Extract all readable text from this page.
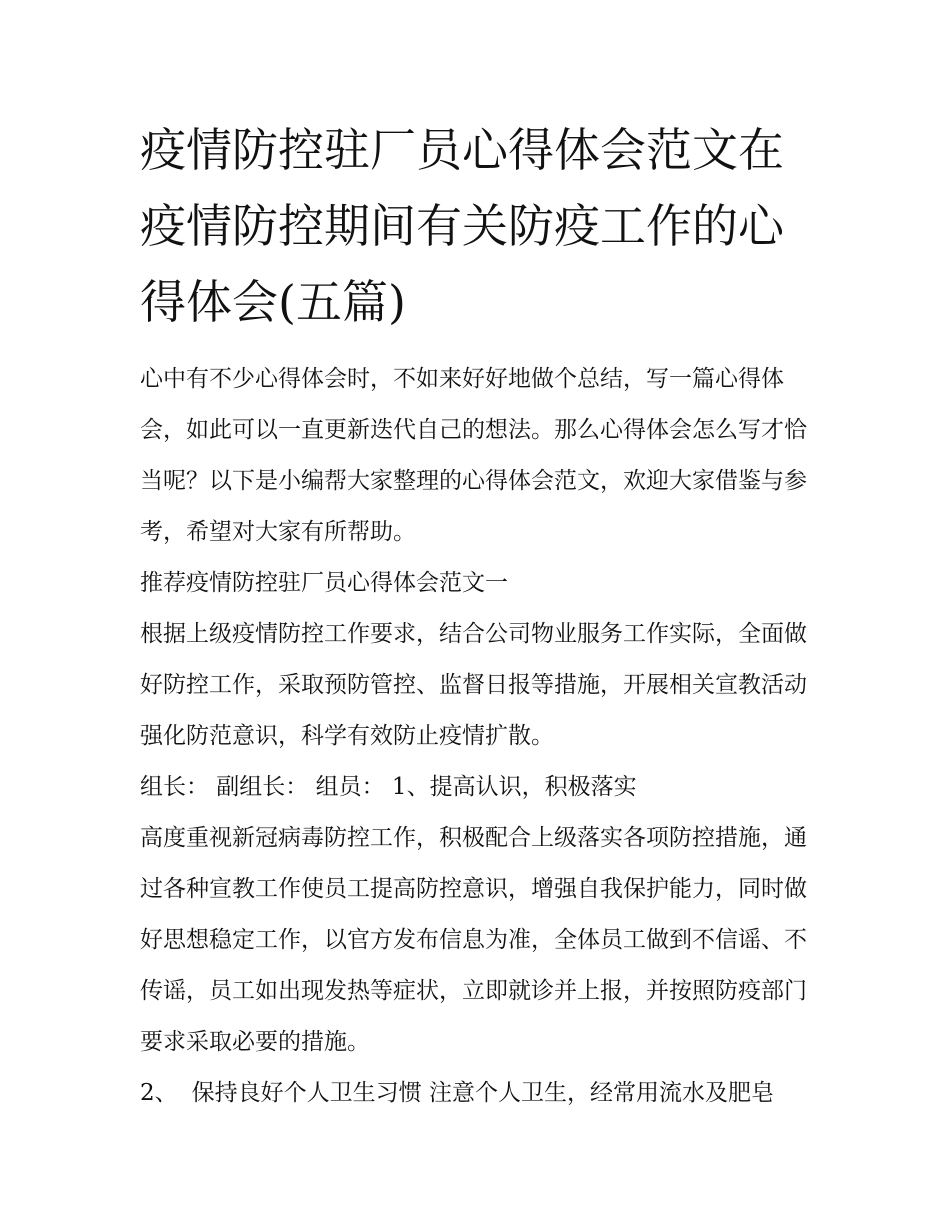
疫情防控驻厂员心得体会范文在疫情防控期间有关防疫工作的心得体会(五篇)

心中有不少心得体会时，不如来好好地做个总结，写一篇心得体会，如此可以一直更新迭代自己的想法。那么心得体会怎么写才恰当呢？以下是小编帮大家整理的心得体会范文，欢迎大家借鉴与参考，希望对大家有所帮助。

推荐疫情防控驻厂员心得体会范文一

根据上级疫情防控工作要求，结合公司物业服务工作实际，全面做好防控工作，采取预防管控、监督日报等措施，开展相关宣教活动强化防范意识，科学有效防止疫情扩散。

组长： 副组长： 组员： 1、提高认识，积极落实

高度重视新冠病毒防控工作，积极配合上级落实各项防控措施，通过各种宣教工作使员工提高防控意识，增强自我保护能力，同时做好思想稳定工作，以官方发布信息为准，全体员工做到不信谣、不传谣，员工如出现发热等症状，立即就诊并上报，并按照防疫部门要求采取必要的措施。

2、 保持良好个人卫生习惯 注意个人卫生，经常用流水及肥皂
